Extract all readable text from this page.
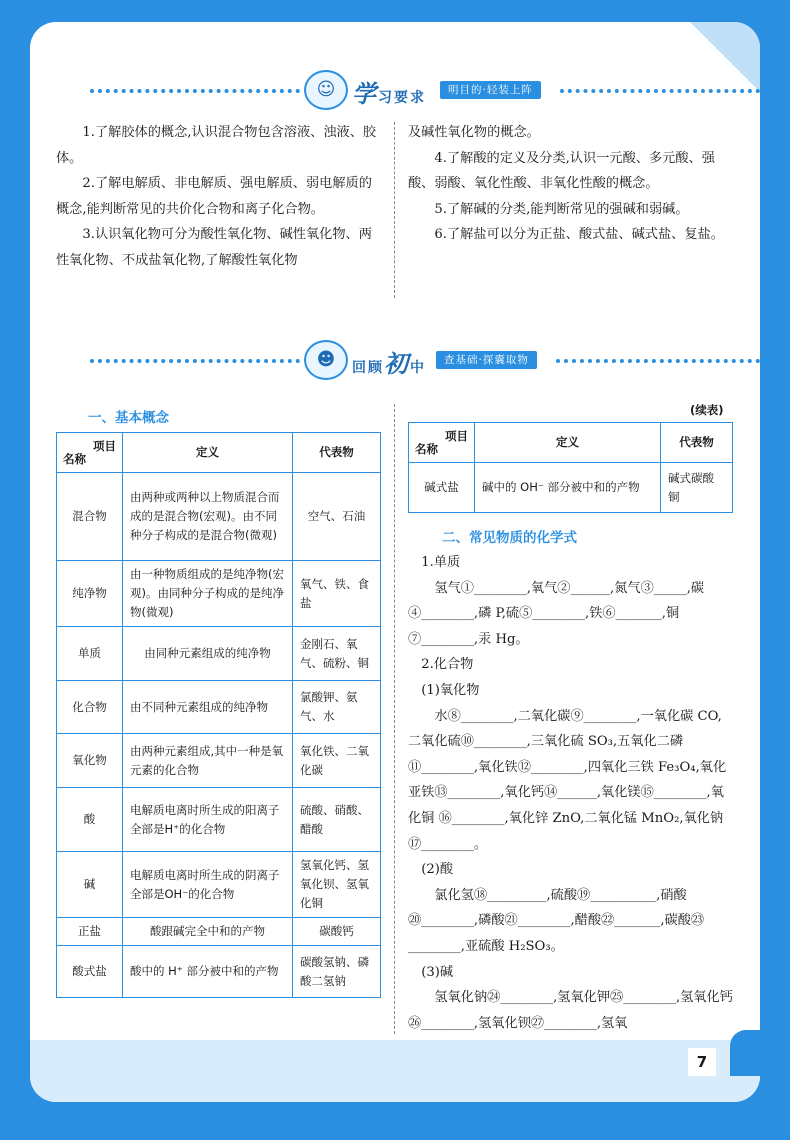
☺ 学习要求	明目的·轻装上阵

1.了解胶体的概念,认识混合物包含溶液、浊液、胶体。

2.了解电解质、非电解质、强电解质、弱电解质的概念,能判断常见的共价化合物和离子化合物。

3.认识氧化物可分为酸性氧化物、碱性氧化物、两性氧化物、不成盐氧化物,了解酸性氧化物

及碱性氧化物的概念。

4.了解酸的定义及分类,认识一元酸、多元酸、强酸、弱酸、氧化性酸、非氧化性酸的概念。

5.了解碱的分类,能判断常见的强碱和弱碱。

6.了解盐可以分为正盐、酸式盐、碱式盐、复盐。

☻	回顾初中	查基础·探囊取物
一、基本概念
项目
名称	定义	代表物
混合物	由两种或两种以上物质混合而成的是混合物(宏观)。由不同种分子构成的是混合物(微观)	空气、石油
纯净物	由一种物质组成的是纯净物(宏观)。由同种分子构成的是纯净物(微观)	氧气、铁、食盐
单质	由同种元素组成的纯净物	金刚石、氧气、硫粉、铜
化合物	由不同种元素组成的纯净物	氯酸钾、氨气、水
氧化物	由两种元素组成,其中一种是氧元素的化合物	氧化铁、二氧化碳
酸	电解质电离时所生成的阳离子全部是H⁺的化合物	硫酸、硝酸、醋酸
碱	电解质电离时所生成的阴离子全部是OH⁻的化合物	氢氧化钙、氢氧化钡、氢氧化铜
正盐	酸跟碱完全中和的产物	碳酸钙
酸式盐	酸中的 H⁺ 部分被中和的产物	碳酸氢钠、磷酸二氢钠
(续表)
项目
名称	定义	代表物
碱式盐	碱中的 OH⁻ 部分被中和的产物	碱式碳酸铜
二、常见物质的化学式

1.单质

氢气①________,氧气②______,氮气③_____,碳④________,磷 P,硫⑤________,铁⑥_______,铜⑦________,汞 Hg。

2.化合物

(1)氧化物

水⑧________,二氧化碳⑨________,一氧化碳 CO,二氧化硫⑩________,三氧化硫 SO₃,五氧化二磷⑪________,氧化铁⑫________,四氧化三铁 Fe₃O₄,氧化亚铁⑬________,氧化钙⑭______,氧化镁⑮________,氧化铜 ⑯________,氧化锌 ZnO,二氧化锰 MnO₂,氧化钠⑰________。

(2)酸

氯化氢⑱_________,硫酸⑲__________,硝酸⑳________,磷酸㉑________,醋酸㉒_______,碳酸㉓________,亚硫酸 H₂SO₃。

(3)碱

氢氧化钠㉔________,氢氧化钾㉕________,氢氧化钙㉖________,氢氧化钡㉗________,氢氧

7
